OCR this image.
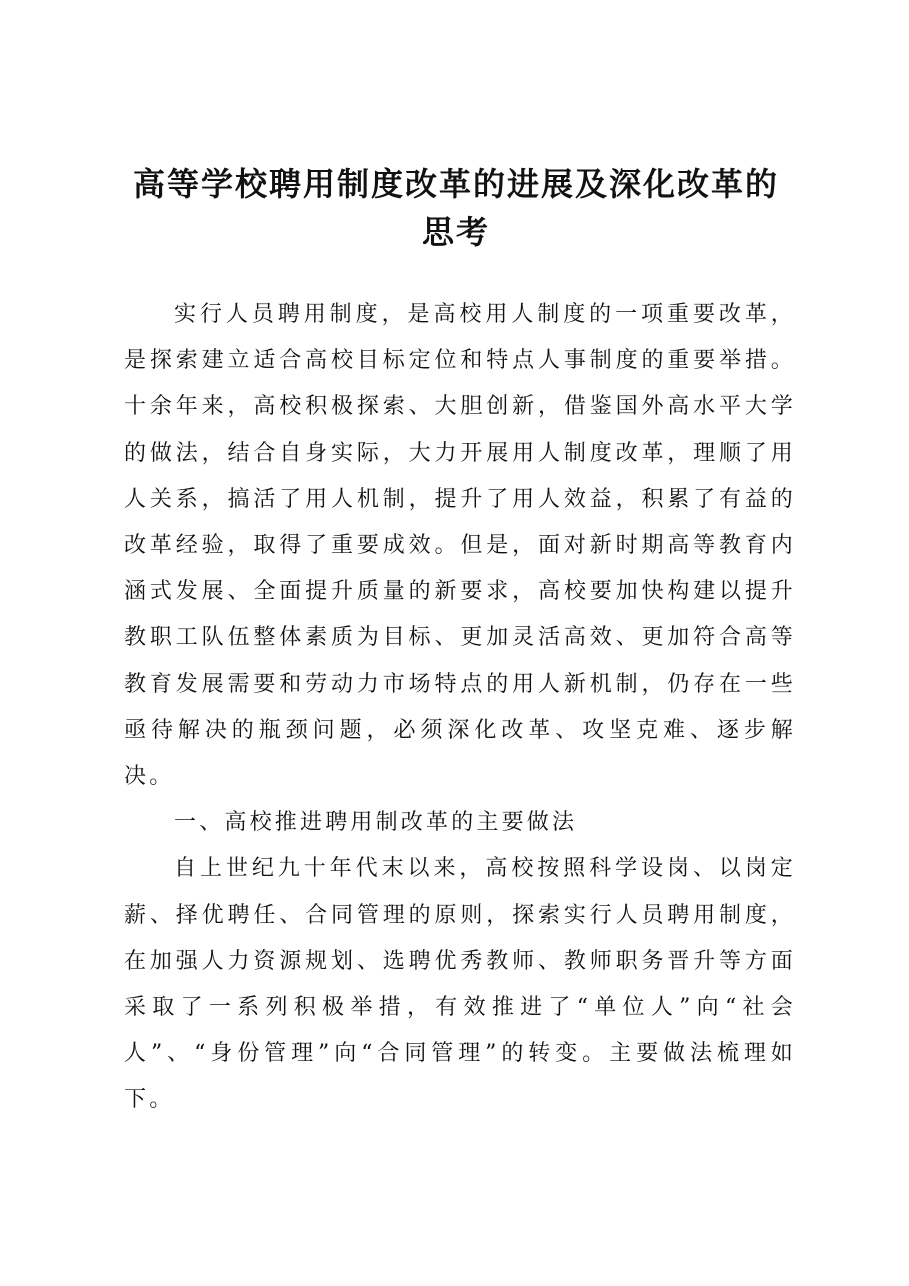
高等学校聘用制度改革的进展及深化改革的思考

实行人员聘用制度，是高校用人制度的一项重要改革，是探索建立适合高校目标定位和特点人事制度的重要举措。十余年来，高校积极探索、大胆创新，借鉴国外高水平大学的做法，结合自身实际，大力开展用人制度改革，理顺了用人关系，搞活了用人机制，提升了用人效益，积累了有益的改革经验，取得了重要成效。但是，面对新时期高等教育内涵式发展、全面提升质量的新要求，高校要加快构建以提升教职工队伍整体素质为目标、更加灵活高效、更加符合高等教育发展需要和劳动力市场特点的用人新机制，仍存在一些亟待解决的瓶颈问题，必须深化改革、攻坚克难、逐步解决。

一、高校推进聘用制改革的主要做法

自上世纪九十年代末以来，高校按照科学设岗、以岗定薪、择优聘任、合同管理的原则，探索实行人员聘用制度，在加强人力资源规划、选聘优秀教师、教师职务晋升等方面采取了一系列积极举措，有效推进了“单位人”向“社会人”、“身份管理”向“合同管理”的转变。主要做法梳理如下。
